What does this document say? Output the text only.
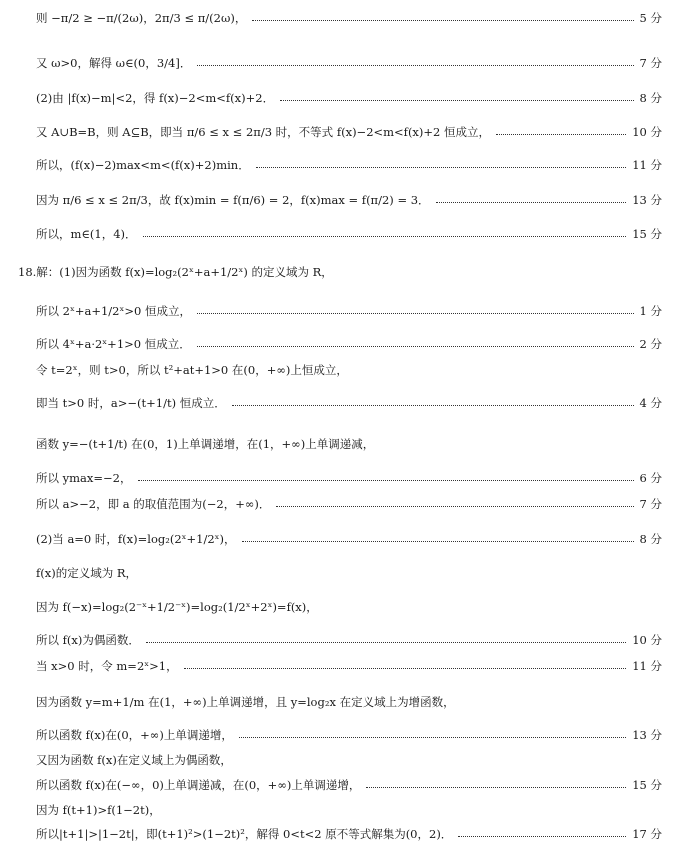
则 −π/2 ≥ −π/(2ω)，2π/3 ≤ π/(2ω)，	5 分
又 ω>0，解得 ω∈(0，3/4]．	7 分
(2)由 |f(x)−m|<2，得 f(x)−2<m<f(x)+2．	8 分
又 A∪B=B，则 A⊆B，即当 π/6 ≤ x ≤ 2π/3 时，不等式 f(x)−2<m<f(x)+2 恒成立，	10 分
所以，(f(x)−2)max<m<(f(x)+2)min．	11 分
因为 π/6 ≤ x ≤ 2π/3，故 f(x)min = f(π/6) = 2，f(x)max = f(π/2) = 3．	13 分
所以，m∈(1，4)．	15 分
18.解：(1)因为函数 f(x)=log₂(2ˣ+a+1/2ˣ) 的定义域为 R，
所以 2ˣ+a+1/2ˣ>0 恒成立，	1 分
所以 4ˣ+a·2ˣ+1>0 恒成立．	2 分
令 t=2ˣ，则 t>0，所以 t²+at+1>0 在(0，+∞)上恒成立，
即当 t>0 时，a>−(t+1/t) 恒成立．	4 分
函数 y=−(t+1/t) 在(0，1)上单调递增，在(1，+∞)上单调递减，
所以 ymax=−2，	6 分
所以 a>−2，即 a 的取值范围为(−2，+∞)．	7 分
(2)当 a=0 时，f(x)=log₂(2ˣ+1/2ˣ)，	8 分
f(x)的定义域为 R，
因为 f(−x)=log₂(2⁻ˣ+1/2⁻ˣ)=log₂(1/2ˣ+2ˣ)=f(x)，
所以 f(x)为偶函数．	10 分
当 x>0 时，令 m=2ˣ>1，	11 分
因为函数 y=m+1/m 在(1，+∞)上单调递增，且 y=log₂x 在定义域上为增函数，
所以函数 f(x)在(0，+∞)上单调递增，	13 分
又因为函数 f(x)在定义域上为偶函数，
所以函数 f(x)在(−∞，0)上单调递减，在(0，+∞)上单调递增，	15 分
因为 f(t+1)>f(1−2t)，
所以|t+1|>|1−2t|，即(t+1)²>(1−2t)²，解得 0<t<2 原不等式解集为(0，2)．	17 分
